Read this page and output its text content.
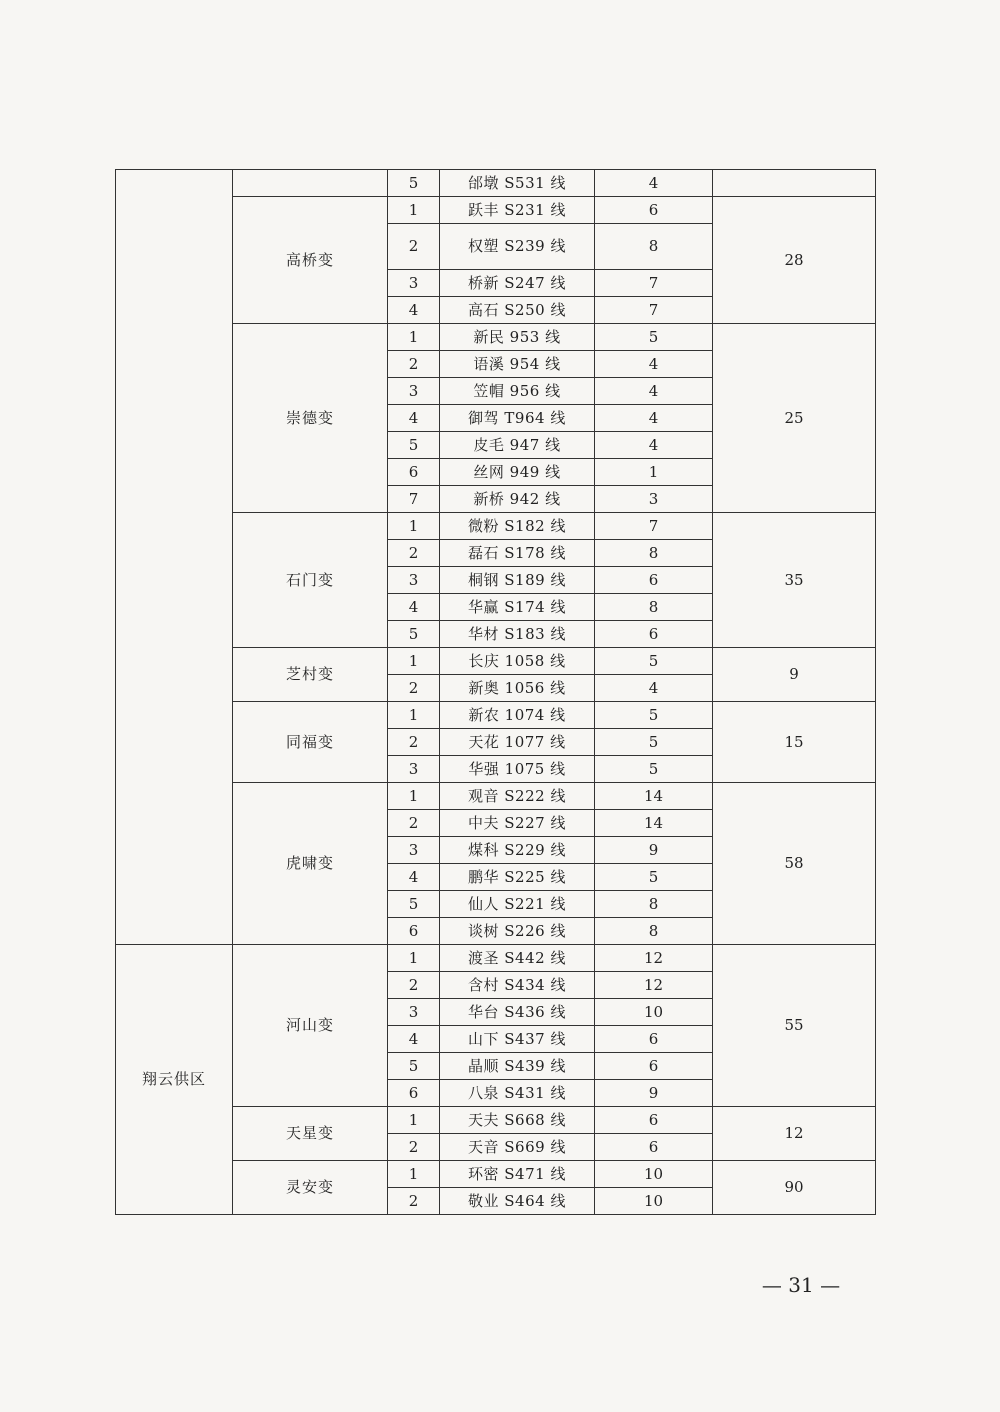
		5	邰墩 S531 线	4	
	高桥变	1	跃丰 S231 线	6	28
		2	权塑 S239 线	8	
		3	桥新 S247 线	7	
		4	高石 S250 线	7	
	崇德变	1	新民 953 线	5	25
		2	语溪 954 线	4	
		3	笠帽 956 线	4	
		4	御驾 T964 线	4	
		5	皮毛 947 线	4	
		6	丝网 949 线	1	
		7	新桥 942 线	3	
	石门变	1	微粉 S182 线	7	35
		2	磊石 S178 线	8	
		3	桐钢 S189 线	6	
		4	华赢 S174 线	8	
		5	华材 S183 线	6	
	芝村变	1	长庆 1058 线	5	9
		2	新奥 1056 线	4	
	同福变	1	新农 1074 线	5	15
		2	天花 1077 线	5	
		3	华强 1075 线	5	
	虎啸变	1	观音 S222 线	14	58
		2	中夫 S227 线	14	
		3	煤科 S229 线	9	
		4	鹏华 S225 线	5	
		5	仙人 S221 线	8	
		6	谈树 S226 线	8	
翔云供区	河山变	1	渡圣 S442 线	12	55
		2	含村 S434 线	12	
		3	华台 S436 线	10	
		4	山下 S437 线	6	
		5	晶顺 S439 线	6	
		6	八泉 S431 线	9	
	天星变	1	天夫 S668 线	6	12
		2	天音 S669 线	6	
	灵安变	1	环密 S471 线	10	90
		2	敬业 S464 线	10	
— 31 —
